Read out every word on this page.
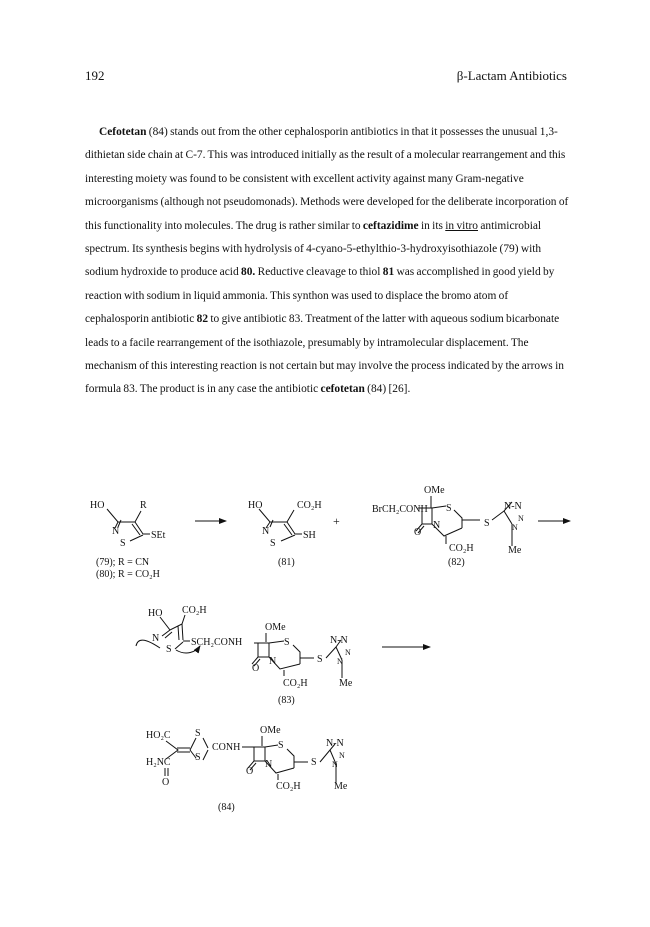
192	β-Lactam Antibiotics

Cefotetan (84) stands out from the other cephalosporin antibiotics in that it possesses the unusual 1,3-dithietan side chain at C-7. This was introduced initially as the result of a molecular rearrangement and this interesting moiety was found to be consistent with excellent activity against many Gram-negative microorganisms (although not pseudomonads). Methods were developed for the deliberate incorporation of this functionality into molecules. The drug is rather similar to ceftazidime in its in vitro antimicrobial spectrum. Its synthesis begins with hydrolysis of 4-cyano-5-ethylthio-3-hydroxyisothiazole (79) with sodium hydroxide to produce acid 80. Reductive cleavage to thiol 81 was accomplished in good yield by reaction with sodium in liquid ammonia. This synthon was used to displace the bromo atom of cephalosporin antibiotic 82 to give antibiotic 83. Treatment of the latter with aqueous sodium bicarbonate leads to a facile rearrangement of the isothiazole, presumably by intramolecular displacement. The mechanism of this interesting reaction is not certain but may involve the process indicated by the arrows in formula 83. The product is in any case the antibiotic cefotetan (84) [26].

HO	R
N
S
SEt
(79); R = CN
(80); R = CO₂H
HO	CO₂H
N
S
SH
(81)
+
OMe
BrCH₂CONH S
N
O
CO₂H
S
N-N
N
N
Me
(82)
HO CO₂H
N
S
SCH₂CONH
OMe
S
N
O
CO₂H
S
N-N
N
N
Me
(83)
HO₂C
H₂NC
O
S
S
CONH
OMe
S
N
O
CO₂H
S
N-N
N
N
Me
(84)
